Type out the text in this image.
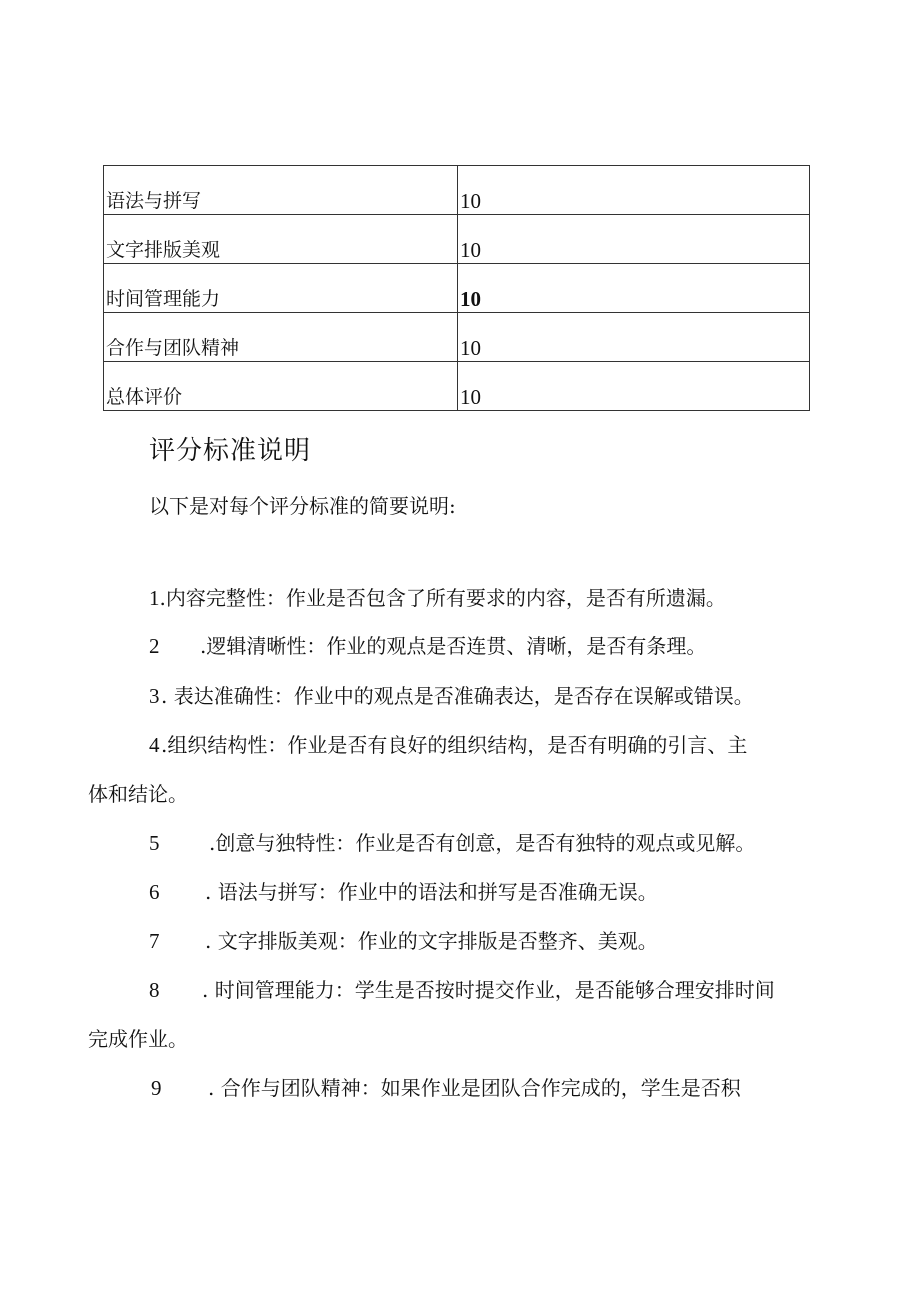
语法与拼写	10
文字排版美观	10
时间管理能力	10
合作与团队精神	10
总体评价	10
评分标准说明

以下是对每个评分标准的简要说明:

1.内容完整性：作业是否包含了所有要求的内容，是否有所遗漏。

2 .逻辑清晰性：作业的观点是否连贯、清晰，是否有条理。

3. 表达准确性：作业中的观点是否准确表达，是否存在误解或错误。

4.组织结构性：作业是否有良好的组织结构，是否有明确的引言、主

体和结论。

5 .创意与独特性：作业是否有创意，是否有独特的观点或见解。

6 . 语法与拼写：作业中的语法和拼写是否准确无误。

7 . 文字排版美观：作业的文字排版是否整齐、美观。

8 . 时间管理能力：学生是否按时提交作业，是否能够合理安排时间

完成作业。

9 . 合作与团队精神：如果作业是团队合作完成的，学生是否积
